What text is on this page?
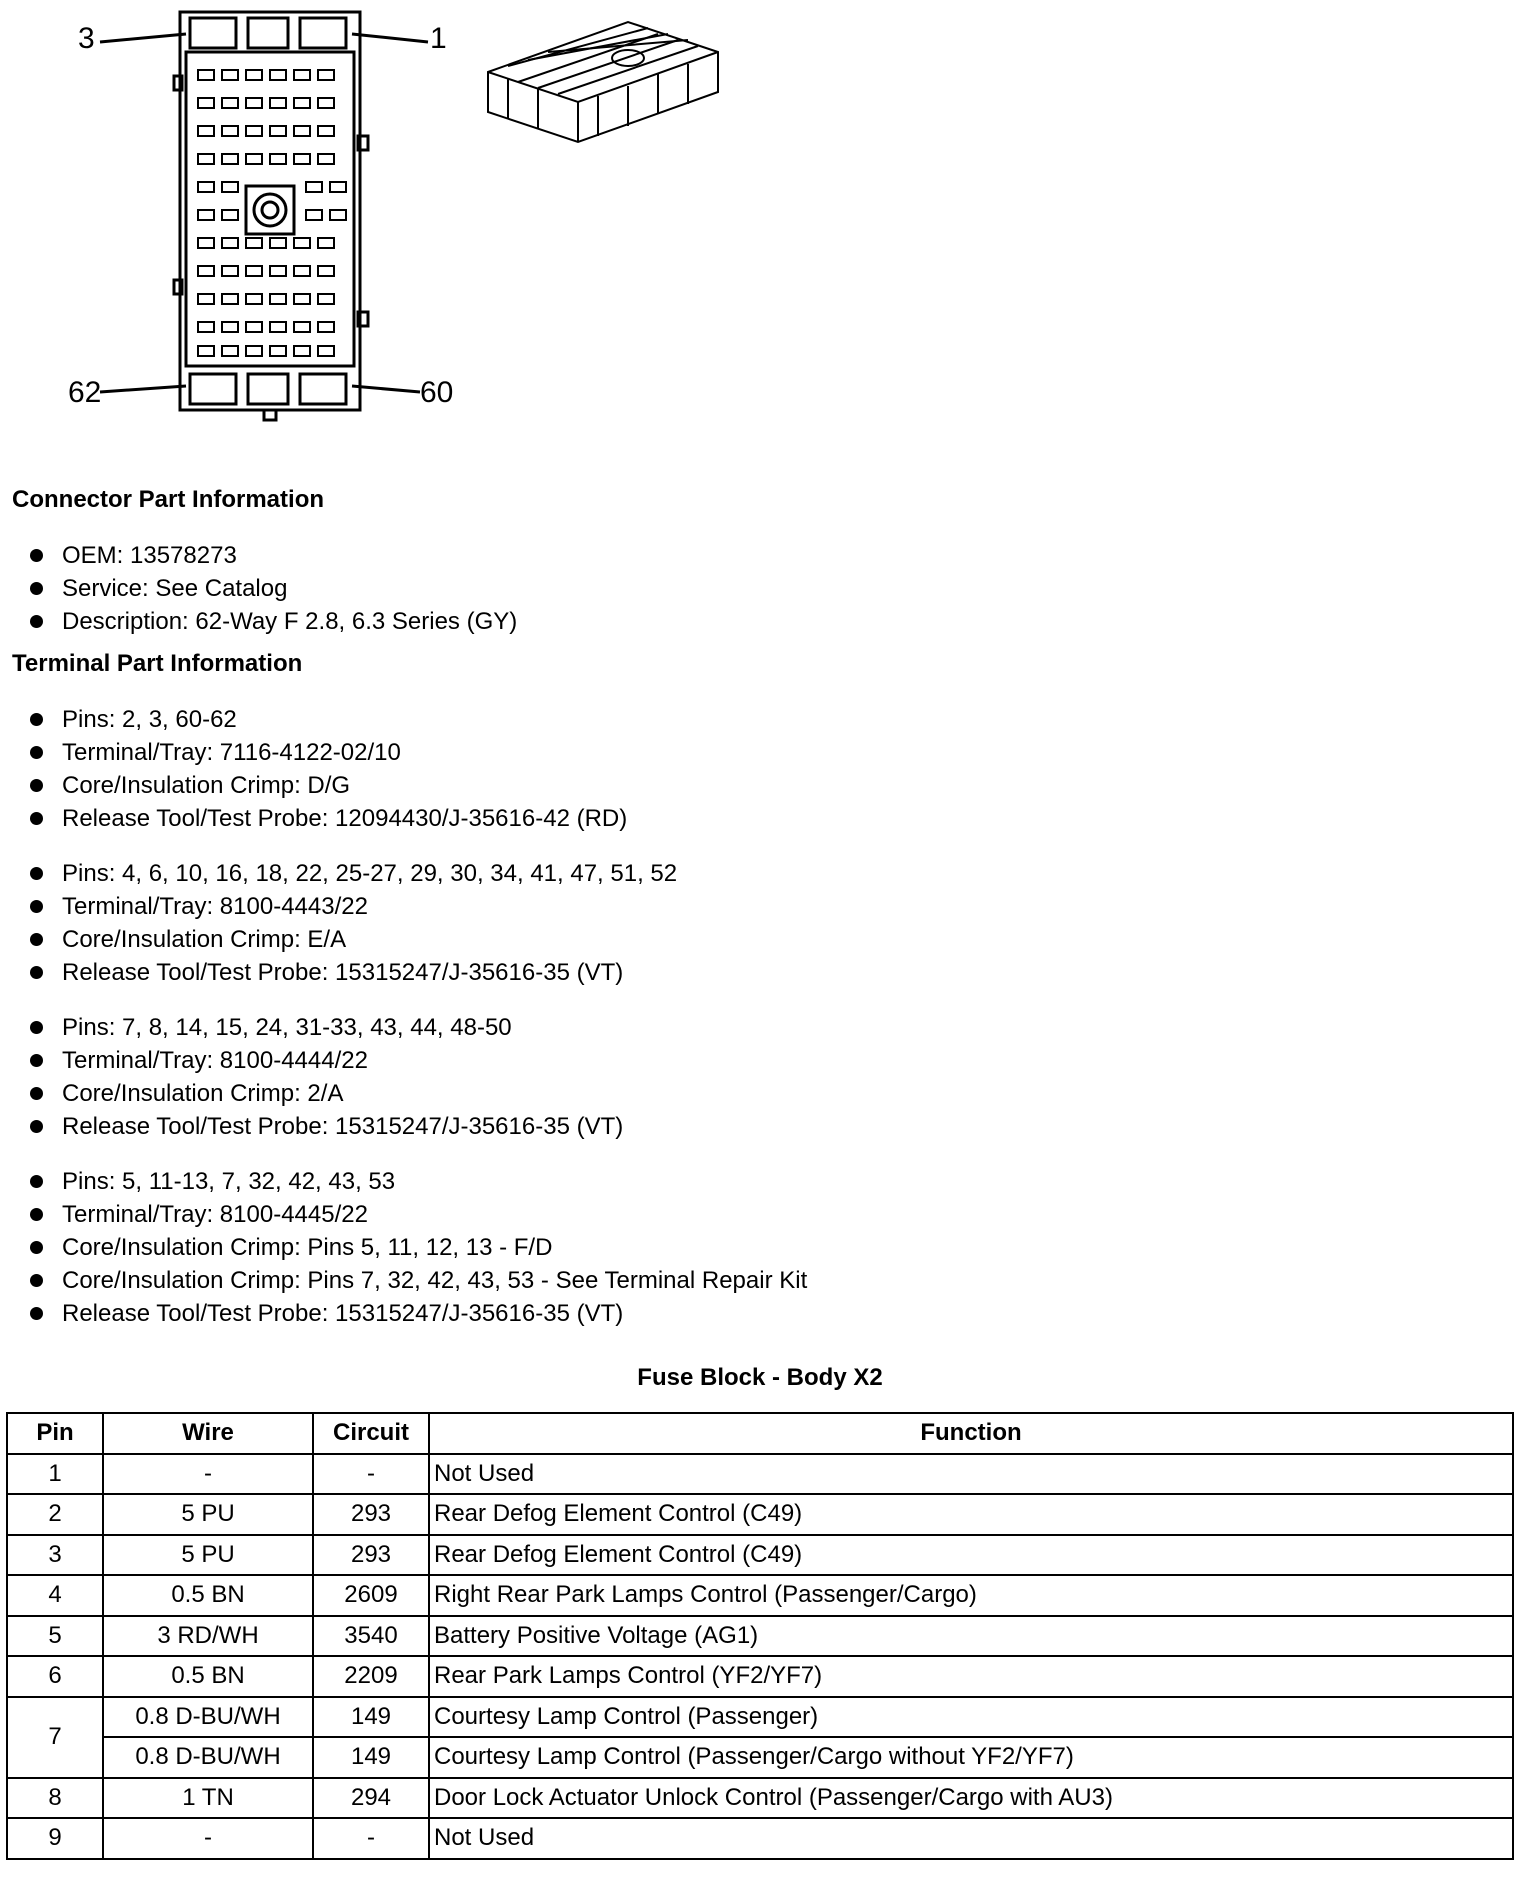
3	1
62	60
Connector Part Information
OEM: 13578273
Service: See Catalog
Description: 62-Way F 2.8, 6.3 Series (GY)
Terminal Part Information
Pins: 2, 3, 60-62
Terminal/Tray: 7116-4122-02/10
Core/Insulation Crimp: D/G
Release Tool/Test Probe: 12094430/J-35616-42 (RD)
Pins: 4, 6, 10, 16, 18, 22, 25-27, 29, 30, 34, 41, 47, 51, 52
Terminal/Tray: 8100-4443/22
Core/Insulation Crimp: E/A
Release Tool/Test Probe: 15315247/J-35616-35 (VT)
Pins: 7, 8, 14, 15, 24, 31-33, 43, 44, 48-50
Terminal/Tray: 8100-4444/22
Core/Insulation Crimp: 2/A
Release Tool/Test Probe: 15315247/J-35616-35 (VT)
Pins: 5, 11-13, 7, 32, 42, 43, 53
Terminal/Tray: 8100-4445/22
Core/Insulation Crimp: Pins 5, 11, 12, 13 - F/D
Core/Insulation Crimp: Pins 7, 32, 42, 43, 53 - See Terminal Repair Kit
Release Tool/Test Probe: 15315247/J-35616-35 (VT)
Fuse Block - Body X2
Pin	Wire	Circuit	Function
1	-	-	Not Used
2	5 PU	293	Rear Defog Element Control (C49)
3	5 PU	293	Rear Defog Element Control (C49)
4	0.5 BN	2609	Right Rear Park Lamps Control (Passenger/Cargo)
5	3 RD/WH	3540	Battery Positive Voltage (AG1)
6	0.5 BN	2209	Rear Park Lamps Control (YF2/YF7)
7	0.8 D-BU/WH	149	Courtesy Lamp Control (Passenger)
	0.8 D-BU/WH	149	Courtesy Lamp Control (Passenger/Cargo without YF2/YF7)
8	1 TN	294	Door Lock Actuator Unlock Control (Passenger/Cargo with AU3)
9	-	-	Not Used
